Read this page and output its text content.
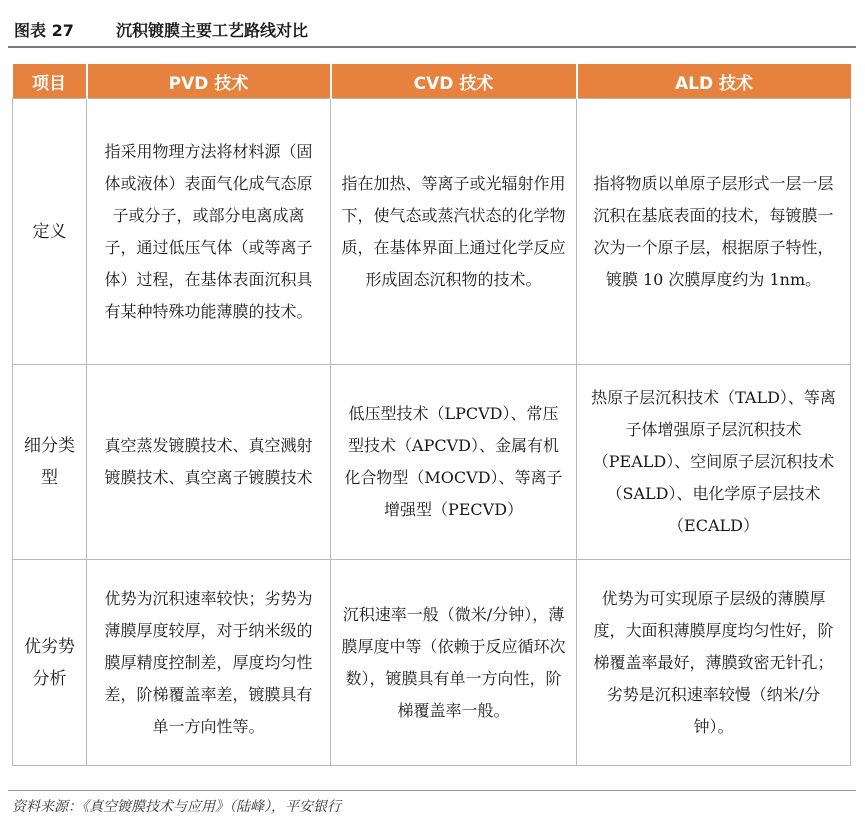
图表 27	沉积镀膜主要工艺路线对比
项目	PVD 技术	CVD 技术	ALD 技术
定义	指采用物理方法将材料源（固体或液体）表面气化成气态原子或分子，或部分电离成离子，通过低压气体（或等离子体）过程，在基体表面沉积具有某种特殊功能薄膜的技术。	指在加热、等离子或光辐射作用下，使气态或蒸汽状态的化学物质，在基体界面上通过化学反应形成固态沉积物的技术。	指将物质以单原子层形式一层一层沉积在基底表面的技术，每镀膜一次为一个原子层，根据原子特性，镀膜 10 次膜厚度约为 1nm。
细分类型	真空蒸发镀膜技术、真空溅射镀膜技术、真空离子镀膜技术	低压型技术（LPCVD）、常压型技术（APCVD）、金属有机化合物型（MOCVD）、等离子增强型（PECVD）	热原子层沉积技术（TALD）、等离子体增强原子层沉积技术（PEALD）、空间原子层沉积技术（SALD）、电化学原子层技术（ECALD）
优劣势分析	优势为沉积速率较快；劣势为薄膜厚度较厚，对于纳米级的膜厚精度控制差，厚度均匀性差，阶梯覆盖率差，镀膜具有单一方向性等。	沉积速率一般（微米/分钟），薄膜厚度中等（依赖于反应循环次数），镀膜具有单一方向性，阶梯覆盖率一般。	优势为可实现原子层级的薄膜厚度，大面积薄膜厚度均匀性好，阶梯覆盖率最好，薄膜致密无针孔；劣势是沉积速率较慢（纳米/分钟）。
资料来源：《真空镀膜技术与应用》（陆峰），平安银行
